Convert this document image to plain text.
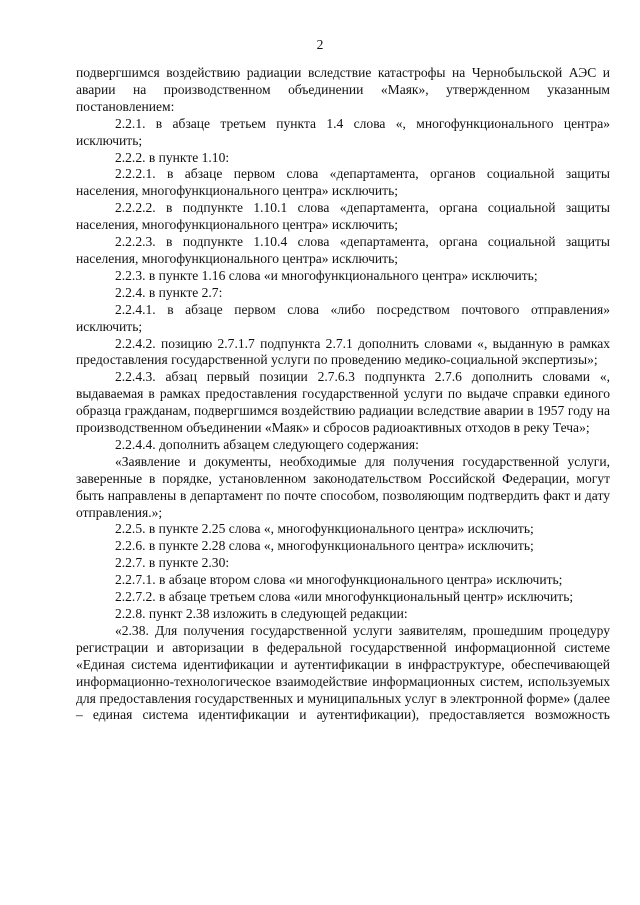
2

подвергшимся воздействию радиации вследствие катастрофы на Чернобыльской АЭС и аварии на производственном объединении «Маяк», утвержденном указанным постановлением:

2.2.1. в абзаце третьем пункта 1.4 слова «, многофункционального центра» исключить;

2.2.2. в пункте 1.10:

2.2.2.1. в абзаце первом слова «департамента, органов социальной защиты населения, многофункционального центра» исключить;

2.2.2.2. в подпункте 1.10.1 слова «департамента, органа социальной защиты населения, многофункционального центра» исключить;

2.2.2.3. в подпункте 1.10.4 слова «департамента, органа социальной защиты населения, многофункционального центра» исключить;

2.2.3. в пункте 1.16 слова «и многофункционального центра» исключить;

2.2.4. в пункте 2.7:

2.2.4.1. в абзаце первом слова «либо посредством почтового отправления» исключить;

2.2.4.2. позицию 2.7.1.7 подпункта 2.7.1 дополнить словами «, выданную в рамках предоставления государственной услуги по проведению медико-социальной экспертизы»;

2.2.4.3. абзац первый позиции 2.7.6.3 подпункта 2.7.6 дополнить словами «, выдаваемая в рамках предоставления государственной услуги по выдаче справки единого образца гражданам, подвергшимся воздействию радиации вследствие аварии в 1957 году на производственном объединении «Маяк» и сбросов радиоактивных отходов в реку Теча»;

2.2.4.4. дополнить абзацем следующего содержания:

«Заявление и документы, необходимые для получения государственной услуги, заверенные в порядке, установленном законодательством Российской Федерации, могут быть направлены в департамент по почте способом, позволяющим подтвердить факт и дату отправления.»;

2.2.5. в пункте 2.25 слова «, многофункционального центра» исключить;

2.2.6. в пункте 2.28 слова «, многофункционального центра» исключить;

2.2.7. в пункте 2.30:

2.2.7.1. в абзаце втором слова «и многофункционального центра» исключить;

2.2.7.2. в абзаце третьем слова «или многофункциональный центр» исключить;

2.2.8. пункт 2.38 изложить в следующей редакции:

«2.38. Для получения государственной услуги заявителям, прошедшим процедуру регистрации и авторизации в федеральной государственной информационной системе «Единая система идентификации и аутентификации в инфраструктуре, обеспечивающей информационно-технологическое взаимодействие информационных систем, используемых для предоставления государственных и муниципальных услуг в электронной форме» (далее – единая система идентификации и аутентификации), предоставляется возможность
